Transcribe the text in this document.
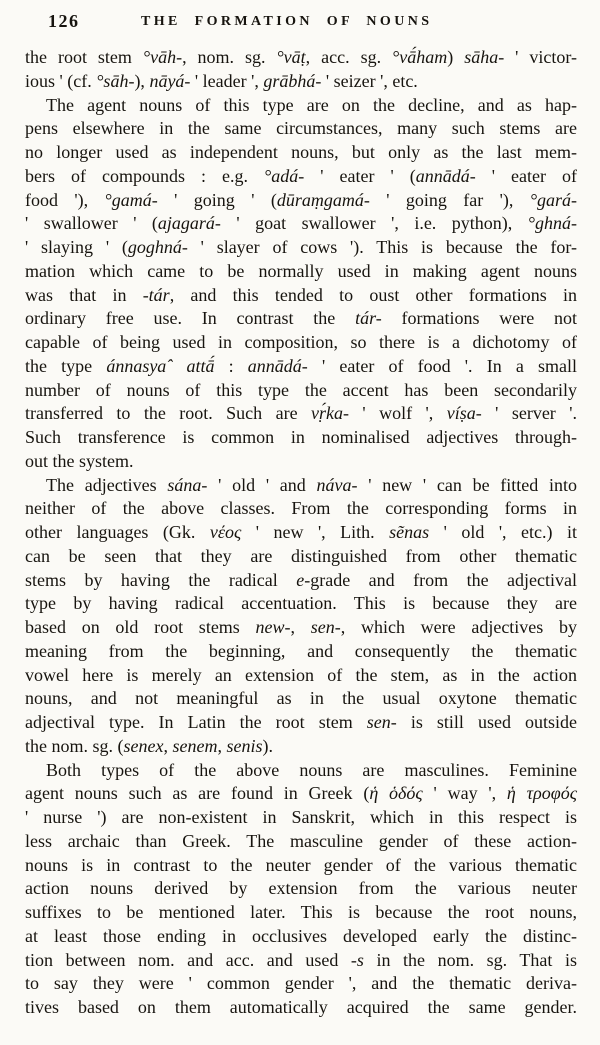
126	THE FORMATION OF NOUNS
the root stem °vāh-, nom. sg. °vāṭ, acc. sg. °vā́ham) sāha- ' victor-
ious ' (cf. °sāh-), nāyá- ' leader ', grābhá- ' seizer ', etc.
The agent nouns of this type are on the decline, and as hap-
pens elsewhere in the same circumstances, many such stems are
no longer used as independent nouns, but only as the last mem-
bers of compounds : e.g. °adá- ' eater ' (annādá- ' eater of
food '), °gamá- ' going ' (dūraṃgamá- ' going far '), °gará-
' swallower ' (ajagará- ' goat swallower ', i.e. python), °ghná-
' slaying ' (goghná- ' slayer of cows '). This is because the for-
mation which came to be normally used in making agent nouns
was that in -tár, and this tended to oust other formations in
ordinary free use. In contrast the tár- formations were not
capable of being used in composition, so there is a dichotomy of
the type ánnasyaˆ attā́ : annādá- ' eater of food '. In a small
number of nouns of this type the accent has been secondarily
transferred to the root. Such are vṛ́ka- ' wolf ', víṣa- ' server '.
Such transference is common in nominalised adjectives through-
out the system.
The adjectives sána- ' old ' and náva- ' new ' can be fitted into
neither of the above classes. From the corresponding forms in
other languages (Gk. νέος ' new ', Lith. sẽnas ' old ', etc.) it
can be seen that they are distinguished from other thematic
stems by having the radical e-grade and from the adjectival
type by having radical accentuation. This is because they are
based on old root stems new-, sen-, which were adjectives by
meaning from the beginning, and consequently the thematic
vowel here is merely an extension of the stem, as in the action
nouns, and not meaningful as in the usual oxytone thematic
adjectival type. In Latin the root stem sen- is still used outside
the nom. sg. (senex, senem, senis).
Both types of the above nouns are masculines. Feminine
agent nouns such as are found in Greek (ἡ ὁδός ' way ', ἡ τροφός
' nurse ') are non-existent in Sanskrit, which in this respect is
less archaic than Greek. The masculine gender of these action-
nouns is in contrast to the neuter gender of the various thematic
action nouns derived by extension from the various neuter
suffixes to be mentioned later. This is because the root nouns,
at least those ending in occlusives developed early the distinc-
tion between nom. and acc. and used -s in the nom. sg. That is
to say they were ' common gender ', and the thematic deriva-
tives based on them automatically acquired the same gender.
